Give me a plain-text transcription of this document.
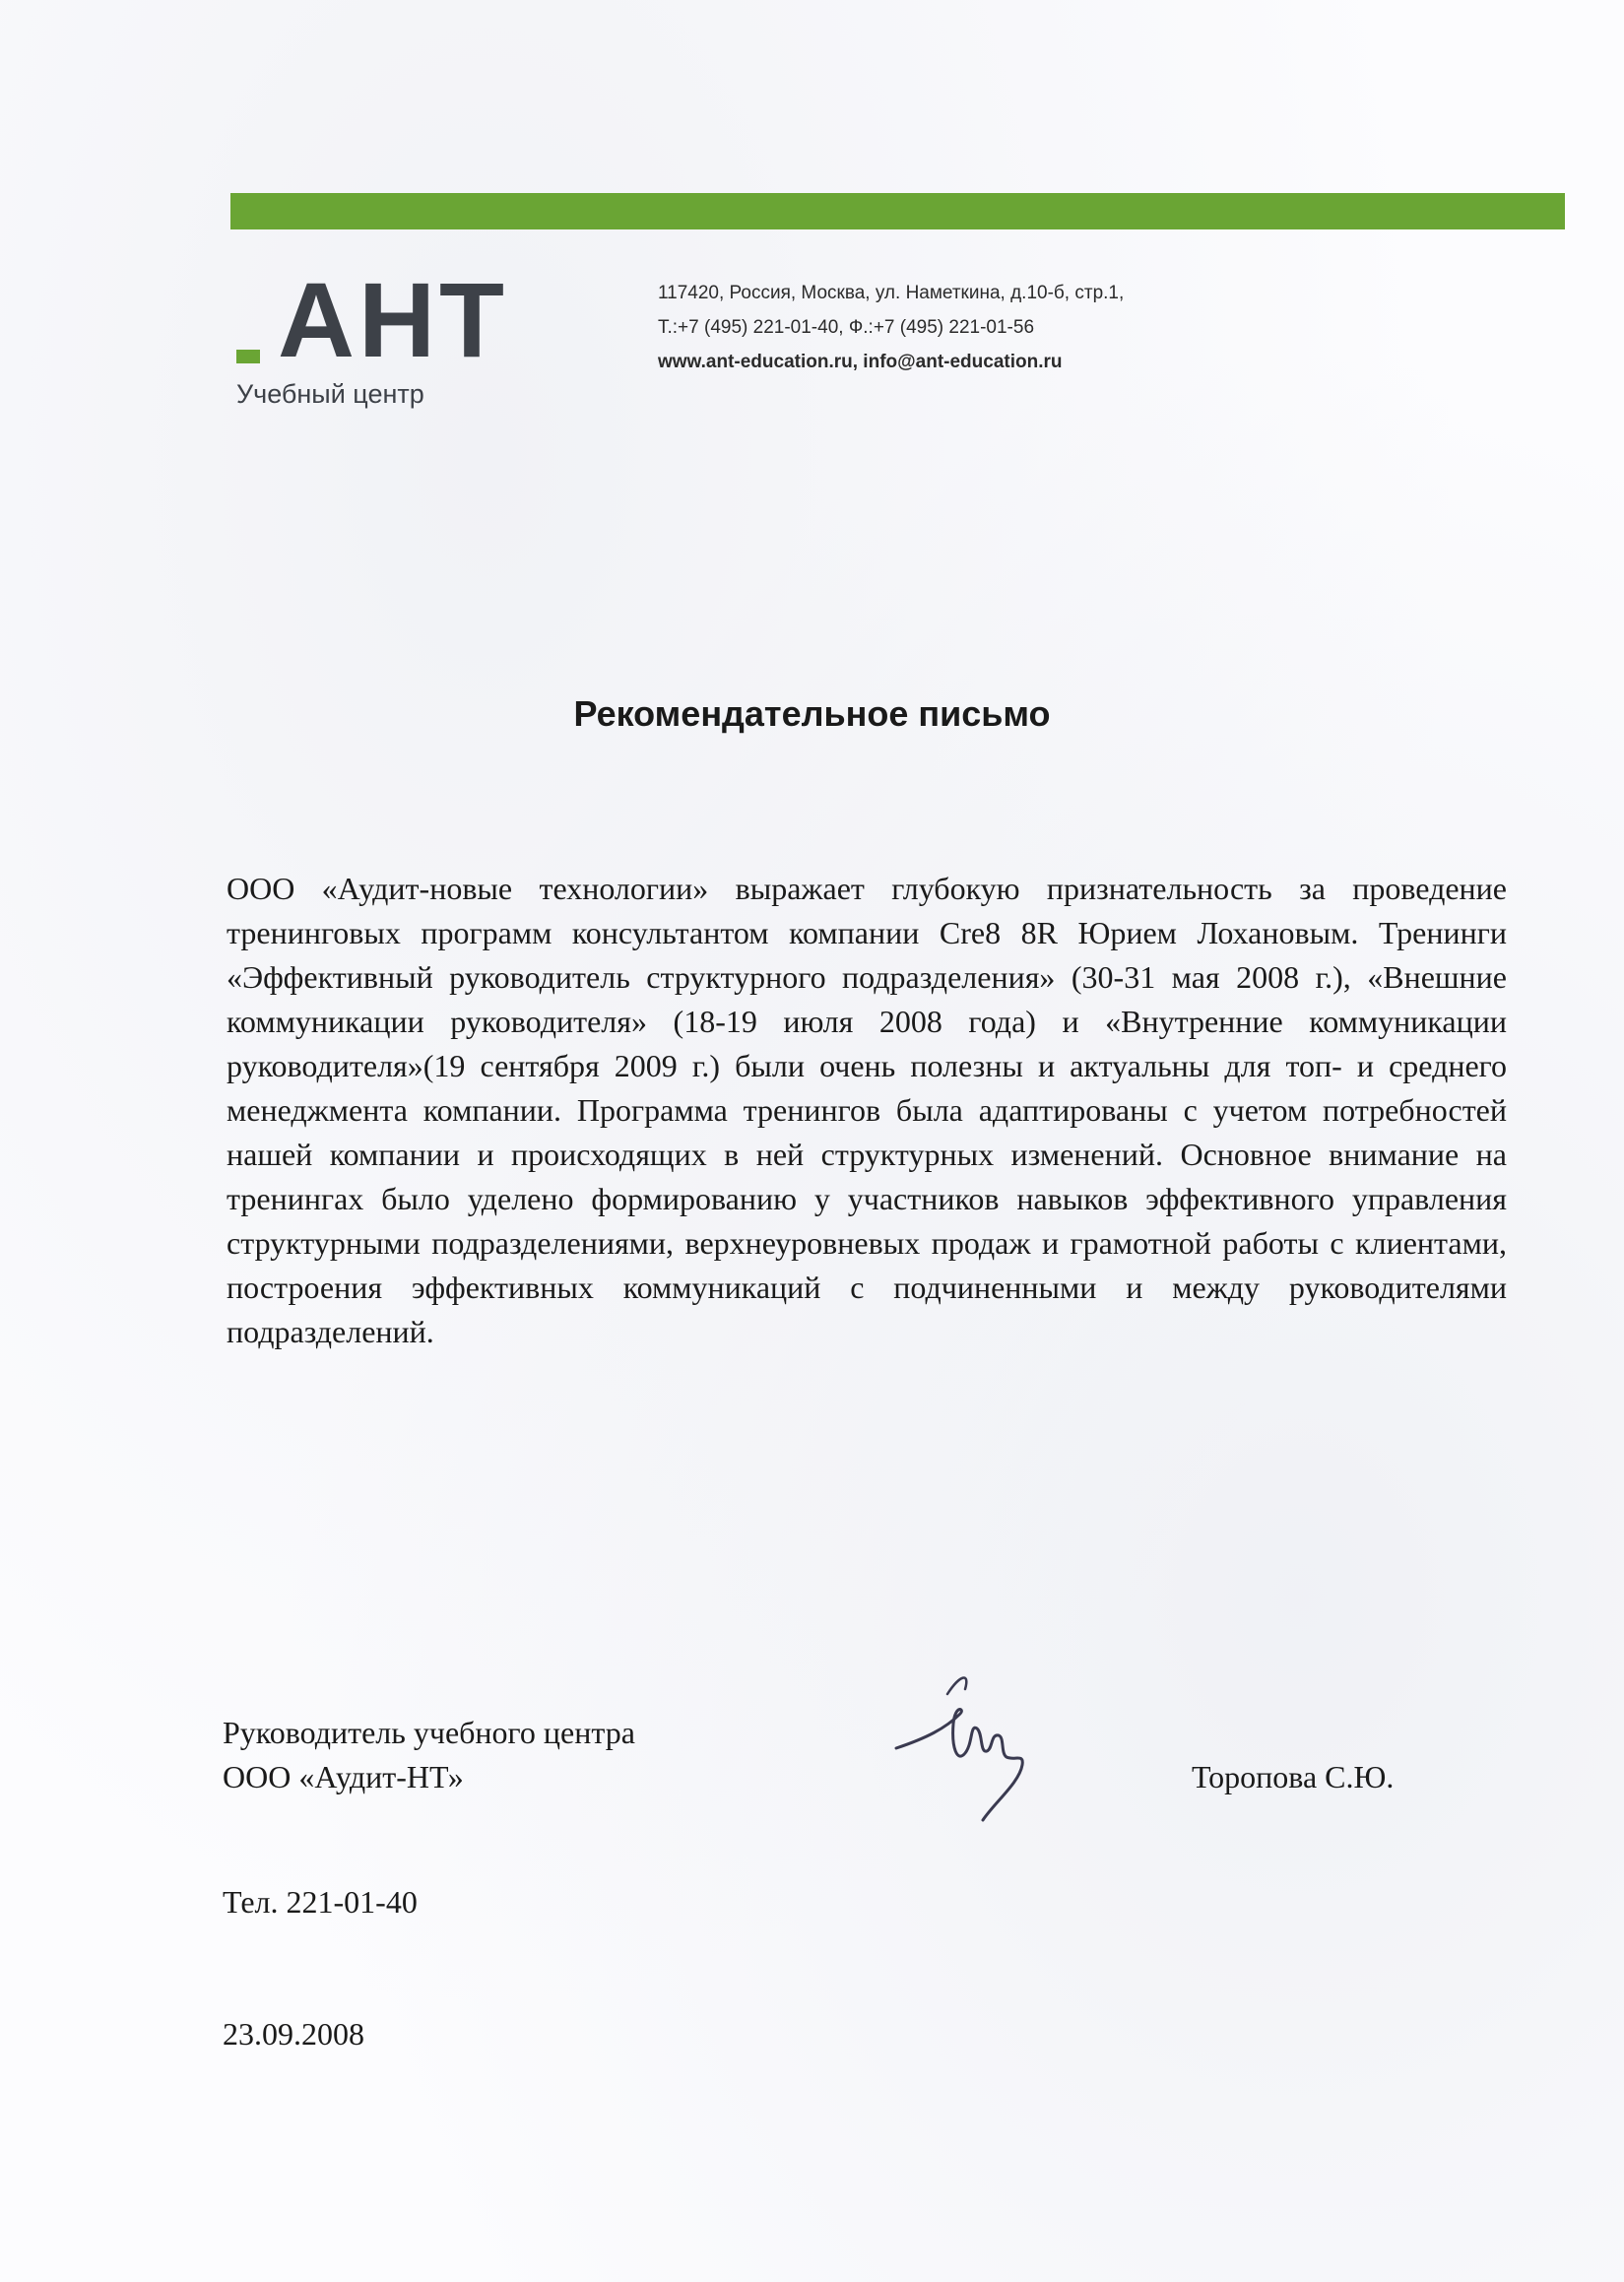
АНТ
Учебный центр
117420, Россия, Москва, ул. Наметкина, д.10-б, стр.1,
Т.:+7 (495) 221-01-40, Ф.:+7 (495) 221-01-56
www.ant-education.ru, info@ant-education.ru
Рекомендательное письмо

ООО «Аудит-новые технологии» выражает глубокую признательность за проведение тренинговых программ консультантом компании Cre8 8R Юрием Лохановым. Тренинги «Эффективный руководитель структурного подразделения» (30-31 мая 2008 г.), «Внешние коммуникации руководителя» (18-19 июля 2008 года) и «Внутренние коммуникации руководителя»(19 сентября 2009 г.) были очень полезны и актуальны для топ- и среднего менеджмента компании. Программа тренингов была адаптированы с учетом потребностей нашей компании и происходящих в ней структурных изменений. Основное внимание на тренингах было уделено формированию у участников навыков эффективного управления структурными подразделениями, верхнеуровневых продаж и грамотной работы с клиентами, построения эффективных коммуникаций с подчиненными и между руководителями подразделений.

Руководитель учебного центра
ООО «Аудит-НТ»	Торопова С.Ю.
Тел. 221-01-40
23.09.2008
